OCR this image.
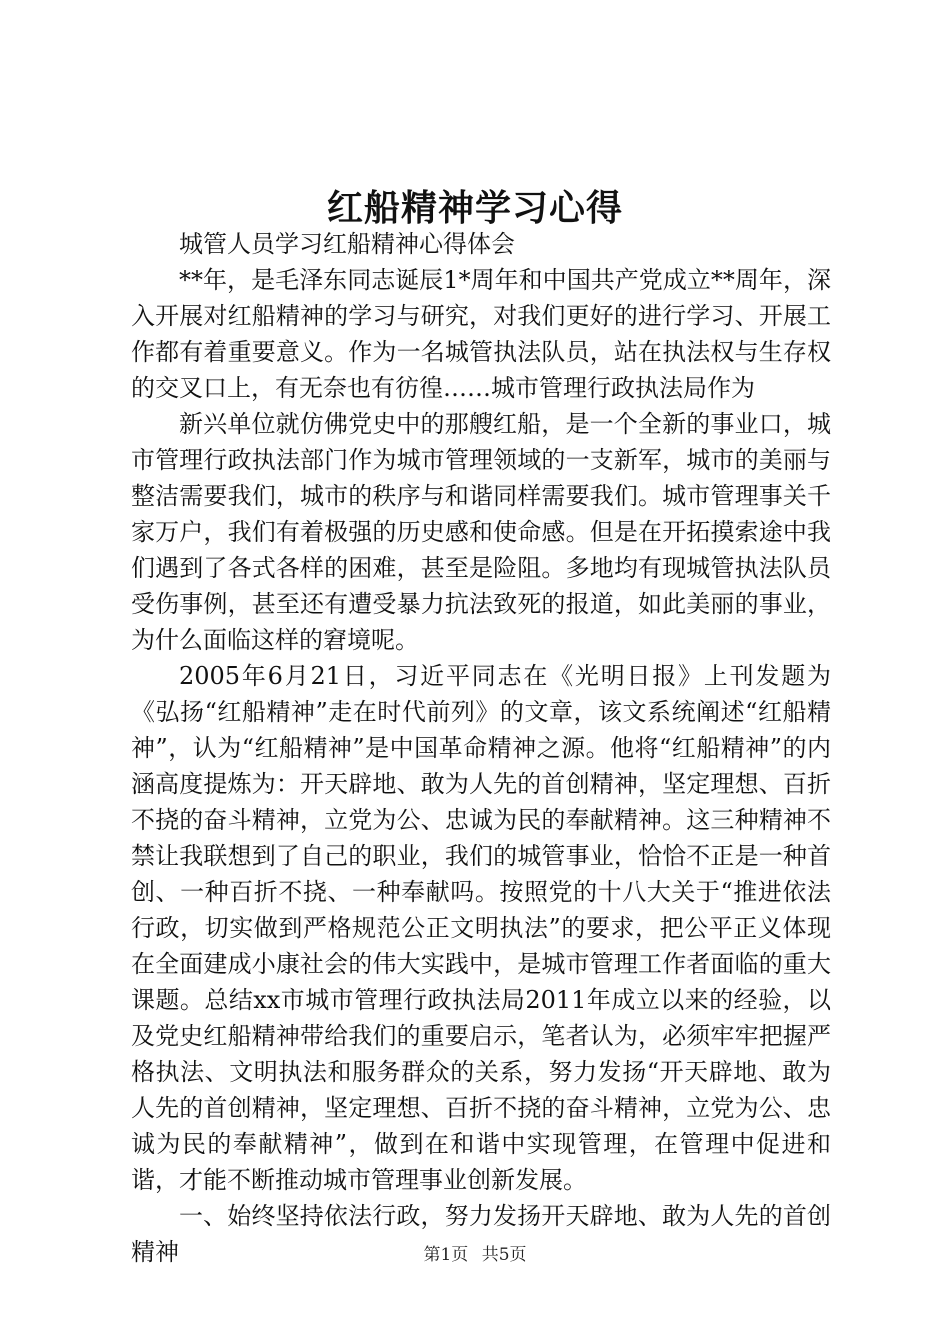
红船精神学习心得

城管人员学习红船精神心得体会

**年，是毛泽东同志诞辰1*周年和中国共产党成立**周年，深入开展对红船精神的学习与研究，对我们更好的进行学习、开展工作都有着重要意义。作为一名城管执法队员，站在执法权与生存权的交叉口上，有无奈也有彷徨……城市管理行政执法局作为

新兴单位就仿佛党史中的那艘红船，是一个全新的事业口，城市管理行政执法部门作为城市管理领域的一支新军，城市的美丽与整洁需要我们，城市的秩序与和谐同样需要我们。城市管理事关千家万户，我们有着极强的历史感和使命感。但是在开拓摸索途中我们遇到了各式各样的困难，甚至是险阻。多地均有现城管执法队员受伤事例，甚至还有遭受暴力抗法致死的报道，如此美丽的事业，为什么面临这样的窘境呢。

2005年6月21日，习近平同志在《光明日报》上刊发题为《弘扬“红船精神”走在时代前列》的文章，该文系统阐述“红船精神”，认为“红船精神”是中国革命精神之源。他将“红船精神”的内涵高度提炼为：开天辟地、敢为人先的首创精神，坚定理想、百折不挠的奋斗精神，立党为公、忠诚为民的奉献精神。这三种精神不禁让我联想到了自己的职业，我们的城管事业，恰恰不正是一种首创、一种百折不挠、一种奉献吗。按照党的十八大关于“推进依法行政，切实做到严格规范公正文明执法”的要求，把公平正义体现在全面建成小康社会的伟大实践中，是城市管理工作者面临的重大课题。总结xx市城市管理行政执法局2011年成立以来的经验，以及党史红船精神带给我们的重要启示，笔者认为，必须牢牢把握严格执法、文明执法和服务群众的关系，努力发扬“开天辟地、敢为人先的首创精神，坚定理想、百折不挠的奋斗精神，立党为公、忠诚为民的奉献精神”，做到在和谐中实现管理，在管理中促进和谐，才能不断推动城市管理事业创新发展。

一、始终坚持依法行政，努力发扬开天辟地、敢为人先的首创精神	第1页 共5页
